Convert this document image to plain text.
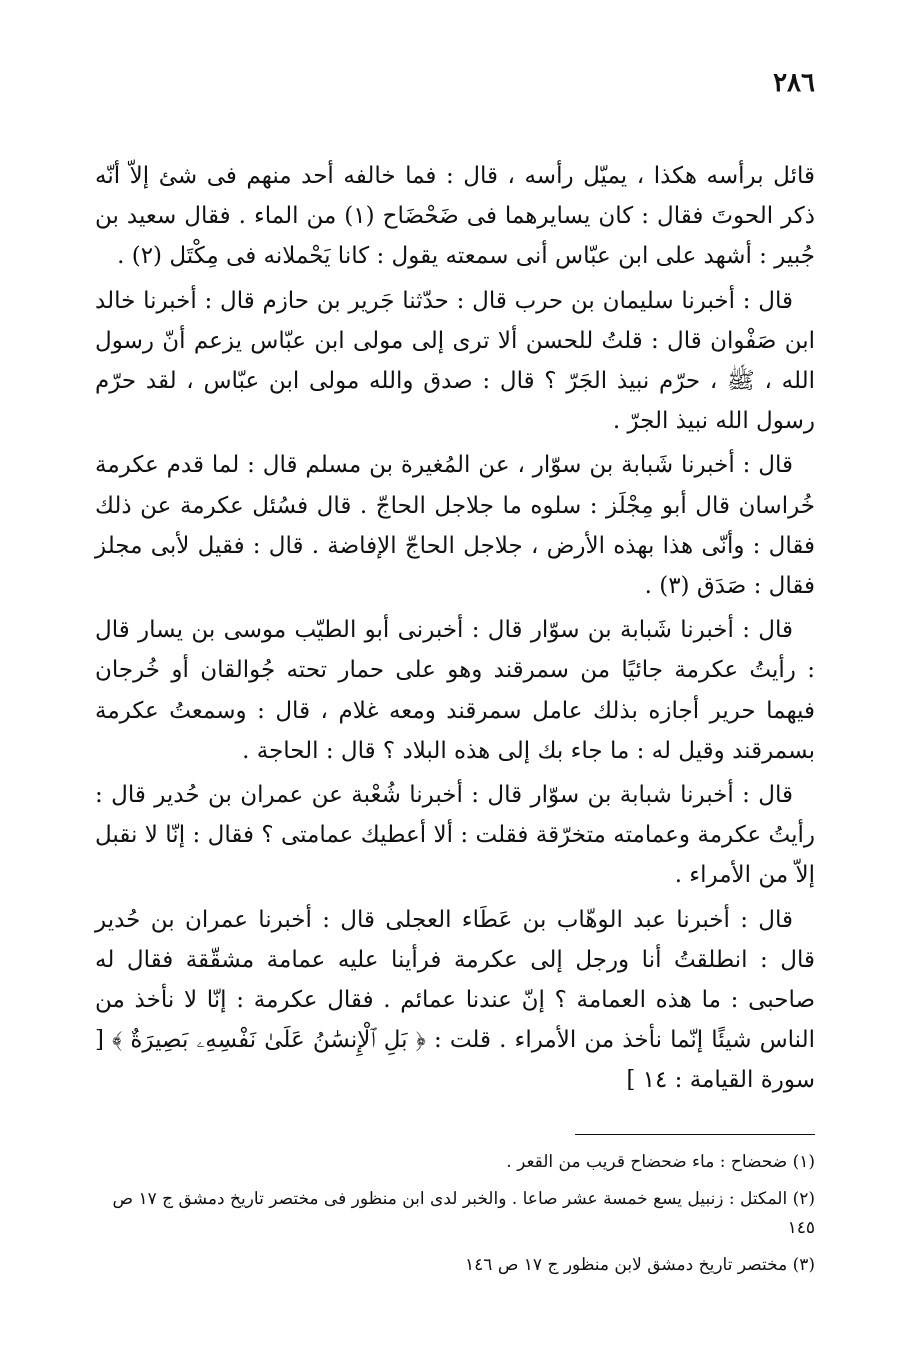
٢٨٦

قائل برأسه هكذا ، يميّل رأسه ، قال : فما خالفه أحد منهم فى شئ إلاّ أنّه ذكر الحوتَ فقال : كان يسايرهما فى ضَحْضَاح (١) من الماء . فقال سعيد بن جُبير : أشهد على ابن عبّاس أنى سمعته يقول : كانا يَحْملانه فى مِكْتَل (٢) .

قال : أخبرنا سليمان بن حرب قال : حدّثنا جَرير بن حازم قال : أخبرنا خالد ابن صَفْوان قال : قلتُ للحسن ألا ترى إلى مولى ابن عبّاس يزعم أنّ رسول الله ، ﷺ ، حرّم نبيذ الجَرّ ؟ قال : صدق والله مولى ابن عبّاس ، لقد حرّم رسول الله نبيذ الجرّ .

قال : أخبرنا شَبابة بن سوّار ، عن المُغيرة بن مسلم قال : لما قدم عكرمة خُراسان قال أبو مِجْلَز : سلوه ما جلاجل الحاجّ . قال فسُئل عكرمة عن ذلك فقال : وأنّى هذا بهذه الأرض ، جلاجل الحاجّ الإفاضة . قال : فقيل لأبى مجلز فقال : صَدَق (٣) .

قال : أخبرنا شَبابة بن سوّار قال : أخبرنى أبو الطيّب موسى بن يسار قال : رأيتُ عكرمة جائيًا من سمرقند وهو على حمار تحته جُوالقان أو خُرجان فيهما حرير أجازه بذلك عامل سمرقند ومعه غلام ، قال : وسمعتُ عكرمة بسمرقند وقيل له : ما جاء بك إلى هذه البلاد ؟ قال : الحاجة .

قال : أخبرنا شبابة بن سوّار قال : أخبرنا شُعْبة عن عمران بن حُدير قال : رأيتُ عكرمة وعمامته متخرّقة فقلت : ألا أعطيك عمامتى ؟ فقال : إنّا لا نقبل إلاّ من الأمراء .

قال : أخبرنا عبد الوهّاب بن عَطَاء العجلى قال : أخبرنا عمران بن حُدير قال : انطلقتُ أنا ورجل إلى عكرمة فرأينا عليه عمامة مشقّقة فقال له صاحبى : ما هذه العمامة ؟ إنّ عندنا عمائم . فقال عكرمة : إنّا لا نأخذ من الناس شيئًا إنّما نأخذ من الأمراء . قلت : ﴿ بَلِ ٱلْإِنسَٰنُ عَلَىٰ نَفْسِهِۦ بَصِيرَةٌ ﴾ [ سورة القيامة : ١٤ ]

(١) ضحضاح : ماء ضحضاح قريب من القعر .

(٢) المكتل : زنبيل يسع خمسة عشر صاعا . والخبر لدى ابن منظور فى مختصر تاريخ دمشق ج ١٧ ص ١٤٥

(٣) مختصر تاريخ دمشق لابن منظور ج ١٧ ص ١٤٦
